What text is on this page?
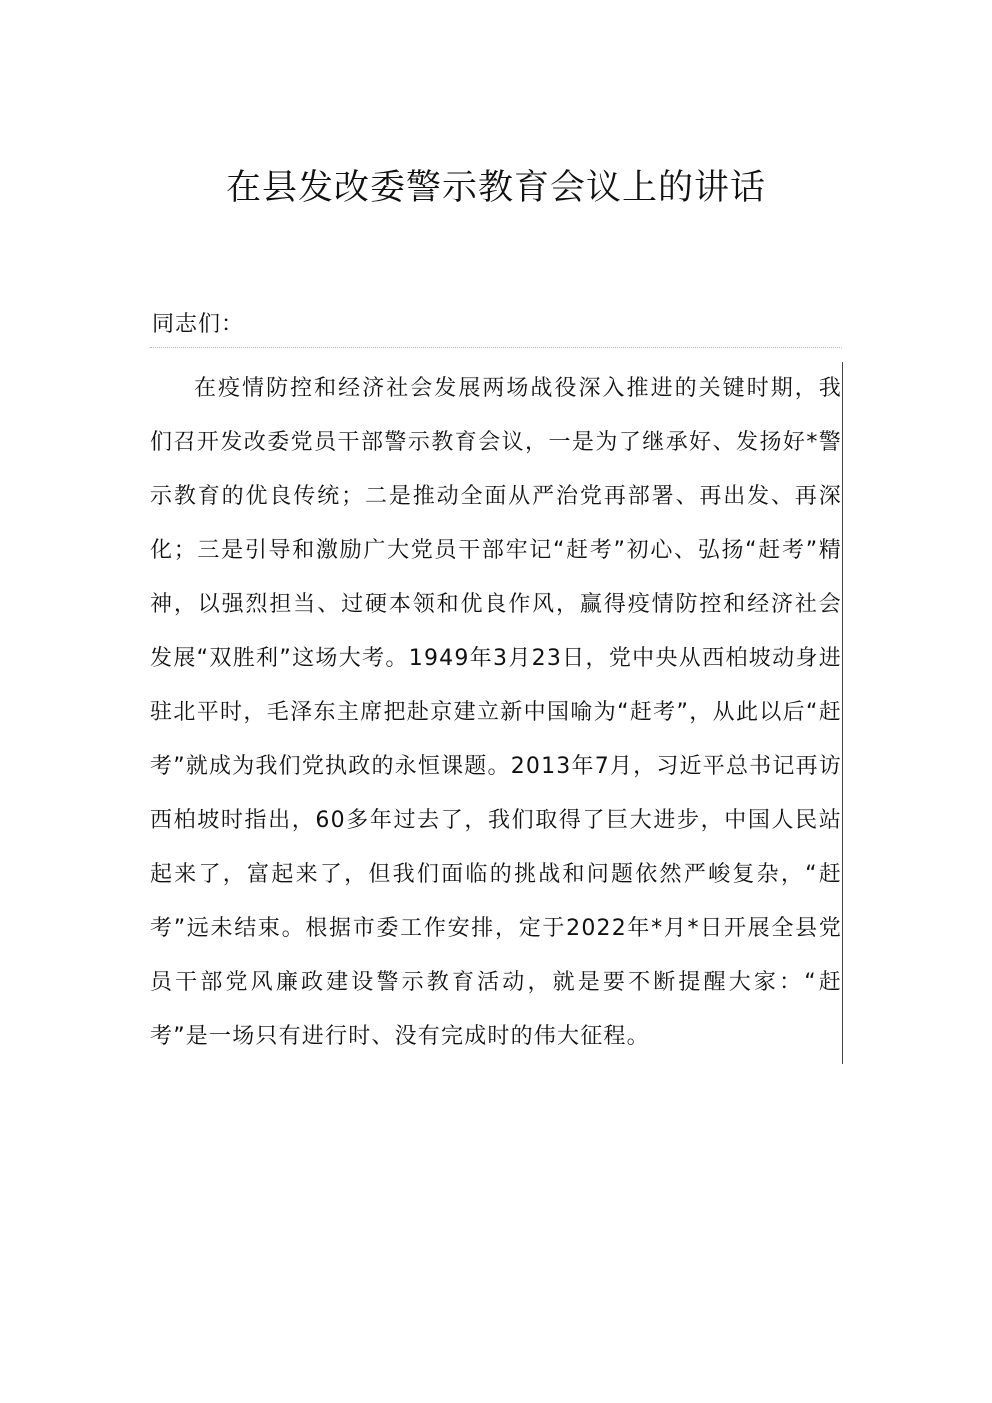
在县发改委警示教育会议上的讲话

同志们：

在疫情防控和经济社会发展两场战役深入推进的关键时期，我们召开发改委党员干部警示教育会议，一是为了继承好、发扬好*警示教育的优良传统；二是推动全面从严治党再部署、再出发、再深化；三是引导和激励广大党员干部牢记“赶考”初心、弘扬“赶考”精神，以强烈担当、过硬本领和优良作风，赢得疫情防控和经济社会发展“双胜利”这场大考。1949年3月23日，党中央从西柏坡动身进驻北平时，毛泽东主席把赴京建立新中国喻为“赶考”，从此以后“赶考”就成为我们党执政的永恒课题。2013年7月，习近平总书记再访西柏坡时指出，60多年过去了，我们取得了巨大进步，中国人民站起来了，富起来了，但我们面临的挑战和问题依然严峻复杂，“赶考”远未结束。根据市委工作安排，定于2022年*月*日开展全县党员干部党风廉政建设警示教育活动，就是要不断提醒大家：“赶考”是一场只有进行时、没有完成时的伟大征程。
